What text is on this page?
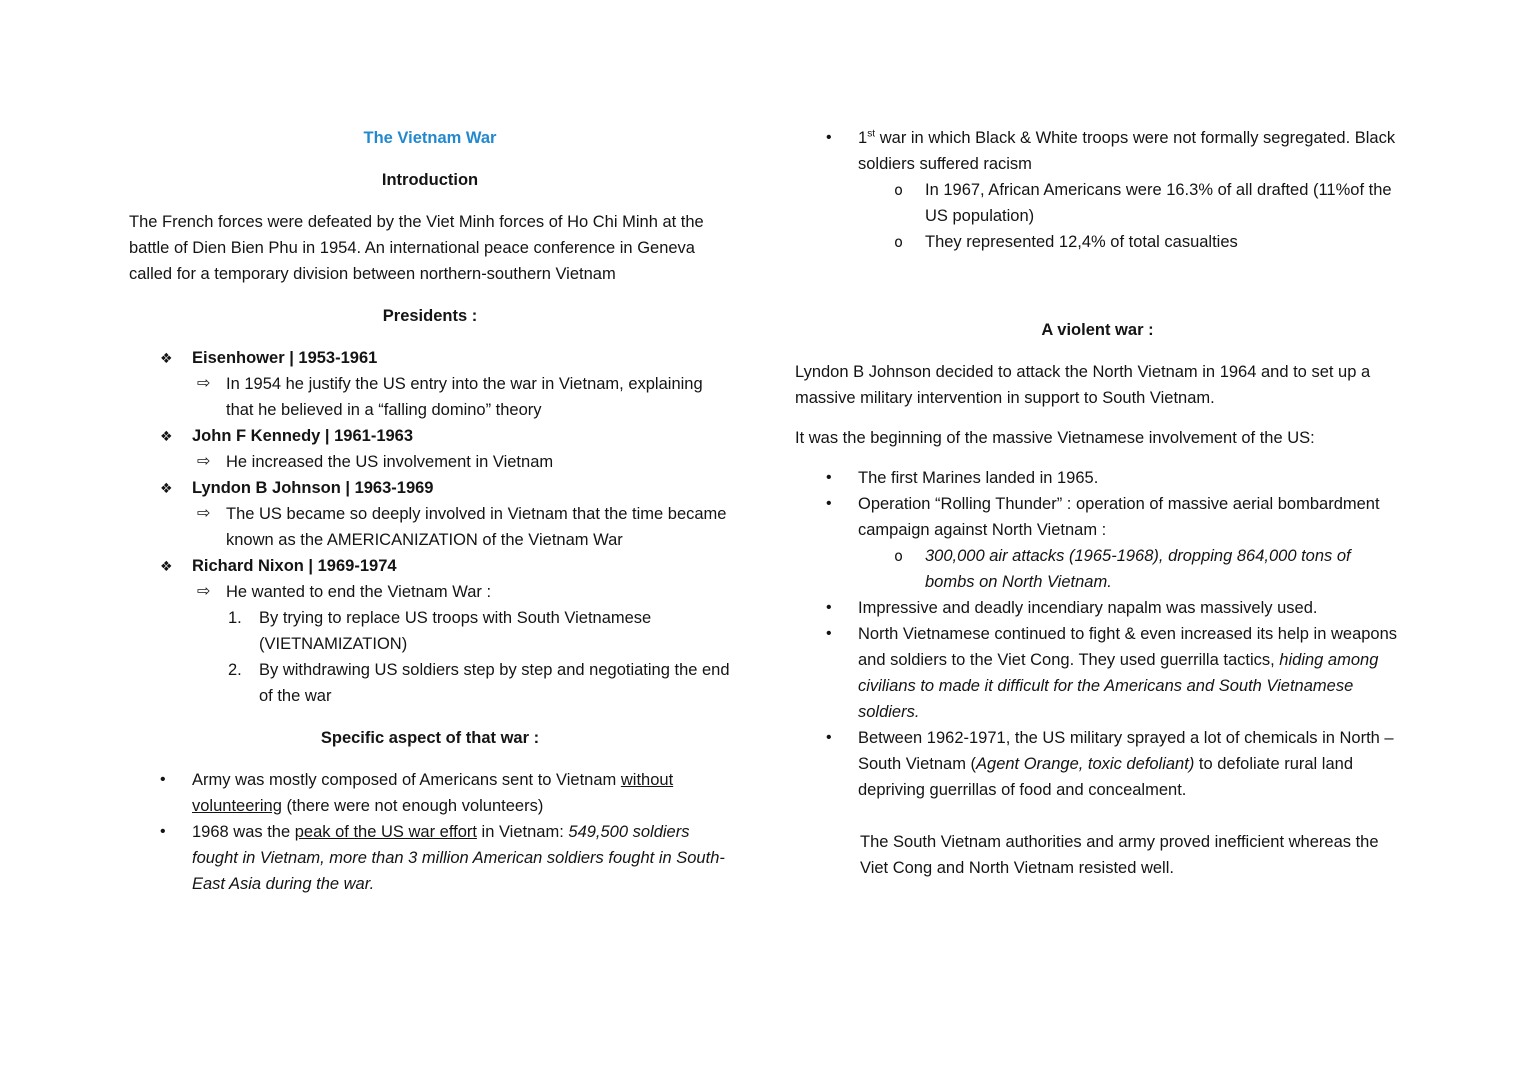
The Vietnam War
Introduction

The French forces were defeated by the Viet Minh forces of Ho Chi Minh at the battle of Dien Bien Phu in 1954. An international peace conference in Geneva called for a temporary division between northern-southern Vietnam

Presidents :
❖ Eisenhower | 1953-1961
⇨ In 1954 he justify the US entry into the war in Vietnam, explaining that he believed in a “falling domino” theory
❖ John F Kennedy | 1961-1963
⇨ He increased the US involvement in Vietnam
❖ Lyndon B Johnson | 1963-1969
⇨ The US became so deeply involved in Vietnam that the time became known as the AMERICANIZATION of the Vietnam War
❖ Richard Nixon | 1969-1974
⇨ He wanted to end the Vietnam War :
1. By trying to replace US troops with South Vietnamese (VIETNAMIZATION)
2. By withdrawing US soldiers step by step and negotiating the end of the war
Specific aspect of that war :
• Army was mostly composed of Americans sent to Vietnam without volunteering (there were not enough volunteers)
• 1968 was the peak of the US war effort in Vietnam: 549,500 soldiers fought in Vietnam, more than 3 million American soldiers fought in South-East Asia during the war.
• 1st war in which Black & White troops were not formally segregated. Black soldiers suffered racism
o In 1967, African Americans were 16.3% of all drafted (11%of the US population)
o They represented 12,4% of total casualties
A violent war :

Lyndon B Johnson decided to attack the North Vietnam in 1964 and to set up a massive military intervention in support to South Vietnam.

It was the beginning of the massive Vietnamese involvement of the US:

• The first Marines landed in 1965.
• Operation “Rolling Thunder” : operation of massive aerial bombardment campaign against North Vietnam :
o 300,000 air attacks (1965-1968), dropping 864,000 tons of bombs on North Vietnam.
• Impressive and deadly incendiary napalm was massively used.
• North Vietnamese continued to fight & even increased its help in weapons and soldiers to the Viet Cong. They used guerrilla tactics, hiding among civilians to made it difficult for the Americans and South Vietnamese soldiers.
• Between 1962-1971, the US military sprayed a lot of chemicals in North – South Vietnam (Agent Orange, toxic defoliant) to defoliate rural land depriving guerrillas of food and concealment.

The South Vietnam authorities and army proved inefficient whereas the Viet Cong and North Vietnam resisted well.
